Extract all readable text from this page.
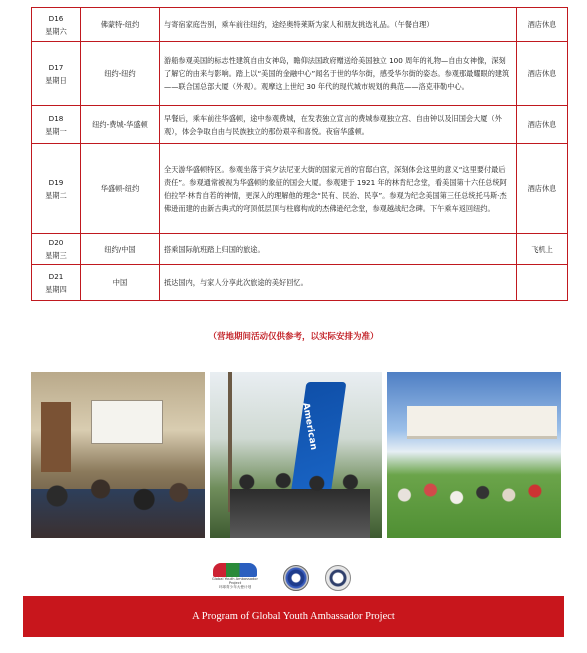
D16
星期六	佛蒙特-纽约	与寄宿家庭告别，乘车前往纽约，途经奥特莱斯为家人和朋友挑选礼品。（午餐自理）	酒店休息

D17
星期日	纽约-纽约	游船参观美国的标志性建筑自由女神岛，瞻仰法国政府赠送给美国独立 100 周年的礼物—自由女神像，深刻了解它的由来与影响。踏上以“美国的金融中心”闻名于世的华尔街，感受华尔街的姿态。参观那最耀眼的建筑——联合国总部大厦（外观）。观摩这上世纪 30 年代的现代城市规划的典范——洛克菲勒中心。	酒店休息

D18
星期一	纽约-费城-华盛顿	早餐后，乘车前往华盛顿，途中参观费城，在发表独立宣言的费城参观独立宫、自由钟以及旧国会大厦（外观），体会争取自由与民族独立的那份艰辛和喜悦。夜宿华盛顿。	酒店休息

D19
星期二	华盛顿-纽约	全天游华盛顿特区。参观坐落于宾夕法尼亚大街的国家元首的官邸白宫，深刻体会这里的意义“这里要付最后责任”。参观通常被视为华盛顿的象征的国会大厦。参观建于 1921 年的林肯纪念堂，看美国第十六任总统阿伯拉罕·林肯自若的神情，更深入的理解他的理念“民有、民治、民享”。参观为纪念美国第三任总统托马斯·杰佛逊而建的由新古典式的穹顶低层顶与柱廊构成的杰佛逊纪念堂，参观越战纪念碑。下午乘车返回纽约。	酒店休息

D20
星期三	纽约/中国	搭乘国际航班踏上归国的旅途。	飞机上

D21
星期四	中国	抵达国内，与家人分享此次旅途的美好回忆。	
（营地期间活动仅供参考，以实际安排为准）
American
Global Youth Ambassador Project
环球青少年大使计划
A Program of Global Youth Ambassador Project
